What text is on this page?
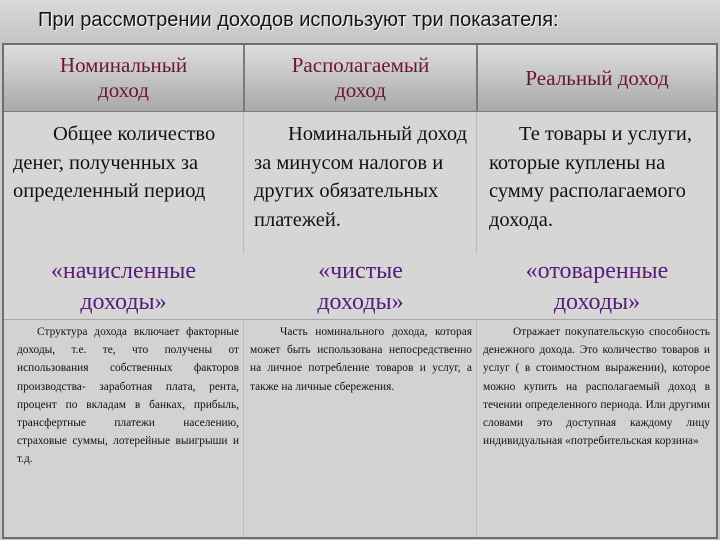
При рассмотрении доходов используют три показателя:
Номинальный доход
Располагаемый доход
Реальный доход

Общее количество денег, полученных за определенный период

Номинальный доход за минусом налогов и других обязательных платежей.

Те товары и услуги, которые куплены на сумму располагаемого дохода.

«начисленные доходы»
«чистые доходы»
«отоваренные доходы»

Структура дохода включает факторные доходы, т.е. те, что получены от использования собственных факторов производства- заработная плата, рента, процент по вкладам в банках, прибыль, трансфертные платежи населению, страховые суммы, лотерейные выигрыши и т.д.

Часть номинального дохода, которая может быть использована непосредственно на личное потребление товаров и услуг, а также на личные сбережения.

Отражает покупательскую способность денежного дохода. Это количество товаров и услуг ( в стоимостном выражении), которое можно купить на располагаемый доход в течении определенного периода. Или другими словами это доступная каждому лицу индивидуальная «потребительская корзина»
